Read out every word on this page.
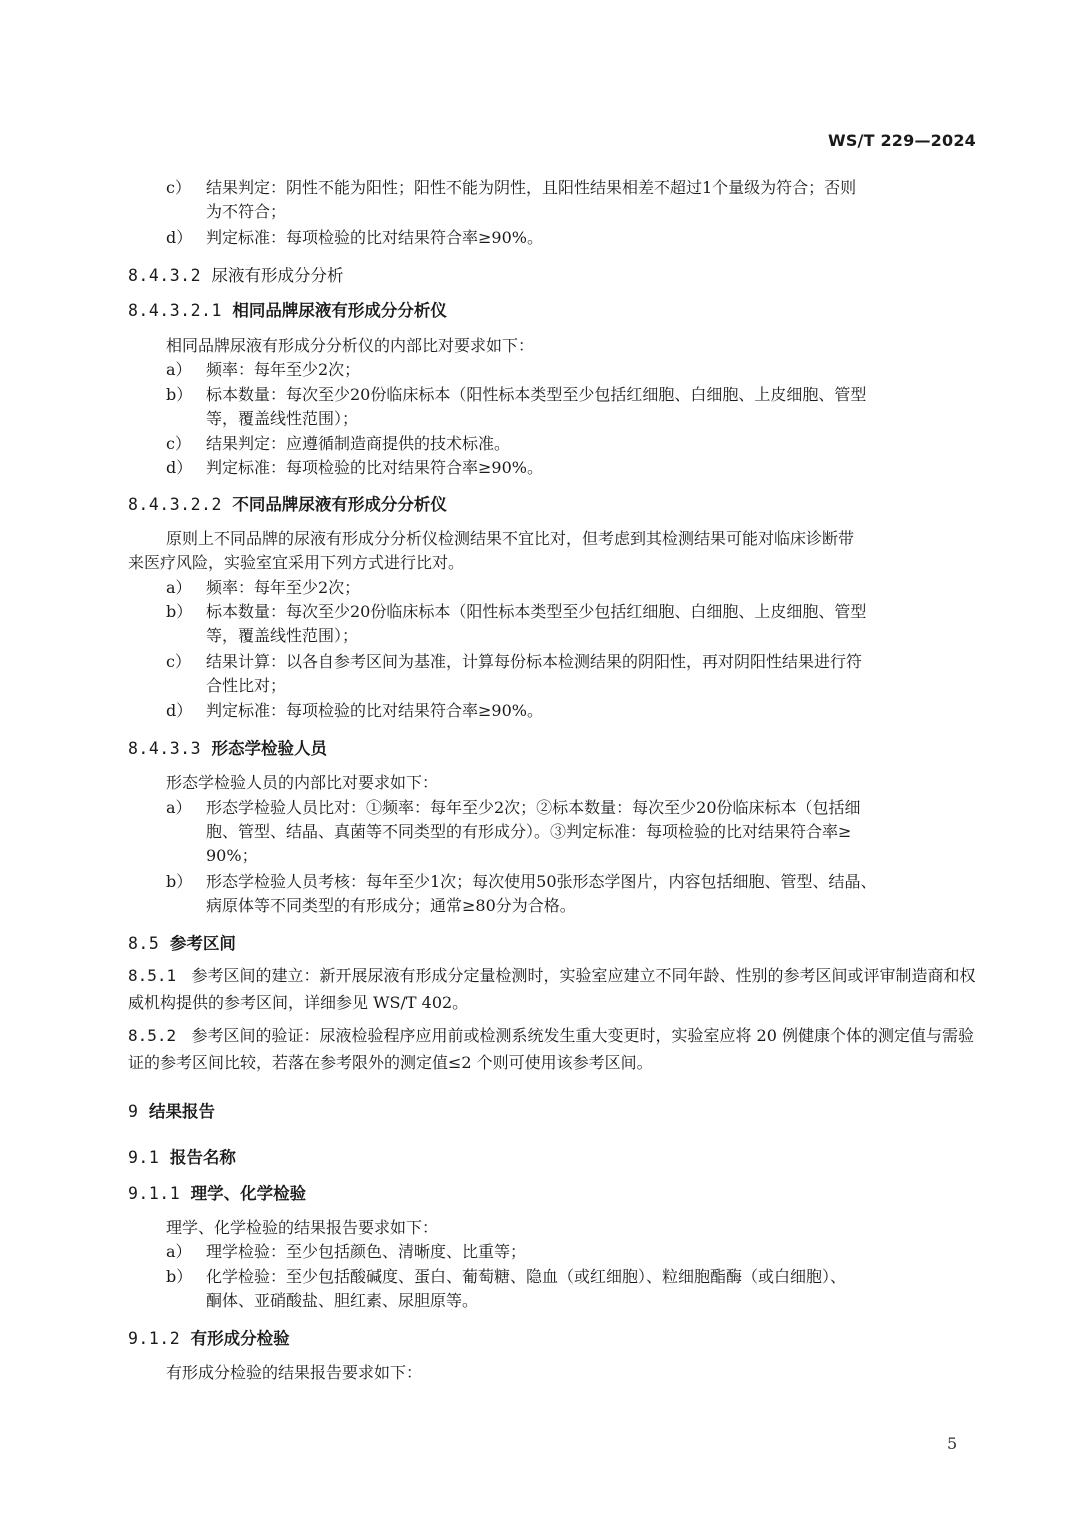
WS/T 229—2024
c） 结果判定：阴性不能为阳性；阳性不能为阴性，且阳性结果相差不超过1个量级为符合；否则
为不符合；
d） 判定标准：每项检验的比对结果符合率≥90%。
8.4.3.2 尿液有形成分分析
8.4.3.2.1 相同品牌尿液有形成分分析仪
相同品牌尿液有形成分分析仪的内部比对要求如下：
a） 频率：每年至少2次；
b） 标本数量：每次至少20份临床标本（阳性标本类型至少包括红细胞、白细胞、上皮细胞、管型
等，覆盖线性范围）；
c） 结果判定：应遵循制造商提供的技术标准。
d） 判定标准：每项检验的比对结果符合率≥90%。
8.4.3.2.2 不同品牌尿液有形成分分析仪
原则上不同品牌的尿液有形成分分析仪检测结果不宜比对，但考虑到其检测结果可能对临床诊断带
来医疗风险，实验室宜采用下列方式进行比对。
a） 频率：每年至少2次；
b） 标本数量：每次至少20份临床标本（阳性标本类型至少包括红细胞、白细胞、上皮细胞、管型
等，覆盖线性范围）；
c） 结果计算：以各自参考区间为基准，计算每份标本检测结果的阴阳性，再对阴阳性结果进行符
合性比对；
d） 判定标准：每项检验的比对结果符合率≥90%。
8.4.3.3 形态学检验人员
形态学检验人员的内部比对要求如下：
a） 形态学检验人员比对：①频率：每年至少2次；②标本数量：每次至少20份临床标本（包括细
胞、管型、结晶、真菌等不同类型的有形成分）。③判定标准：每项检验的比对结果符合率≥
90%；
b） 形态学检验人员考核：每年至少1次；每次使用50张形态学图片，内容包括细胞、管型、结晶、
病原体等不同类型的有形成分；通常≥80分为合格。
8.5 参考区间
8.5.1 参考区间的建立：新开展尿液有形成分定量检测时，实验室应建立不同年龄、性别的参考区间或评审制造商和权威机构提供的参考区间，详细参见 WS/T 402。
8.5.2 参考区间的验证：尿液检验程序应用前或检测系统发生重大变更时，实验室应将 20 例健康个体的测定值与需验证的参考区间比较，若落在参考限外的测定值≤2 个则可使用该参考区间。
9 结果报告
9.1 报告名称
9.1.1 理学、化学检验
理学、化学检验的结果报告要求如下：
a） 理学检验：至少包括颜色、清晰度、比重等；
b） 化学检验：至少包括酸碱度、蛋白、葡萄糖、隐血（或红细胞）、粒细胞酯酶（或白细胞）、
酮体、亚硝酸盐、胆红素、尿胆原等。
9.1.2 有形成分检验
有形成分检验的结果报告要求如下：
5
